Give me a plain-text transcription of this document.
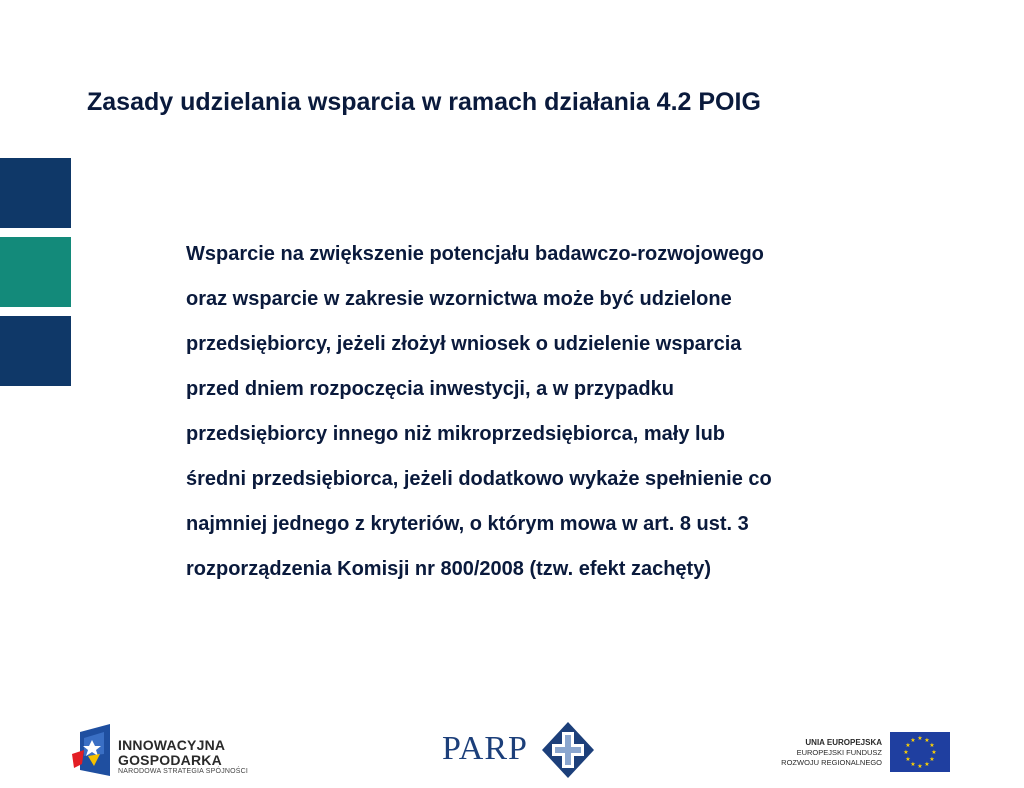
Zasady udzielania wsparcia w ramach działania 4.2 POIG
Wsparcie na zwiększenie potencjału badawczo-rozwojowego
oraz wsparcie w zakresie wzornictwa może być udzielone
przedsiębiorcy, jeżeli złożył wniosek o udzielenie wsparcia
przed dniem rozpoczęcia inwestycji, a w przypadku
przedsiębiorcy innego niż mikroprzedsiębiorca, mały lub
średni przedsiębiorca, jeżeli dodatkowo wykaże spełnienie co
najmniej jednego z kryteriów, o którym mowa w art. 8 ust. 3
rozporządzenia Komisji nr 800/2008 (tzw. efekt zachęty)
INNOWACYJNA
GOSPODARKA
NARODOWA STRATEGIA SPÓJNOŚCI
PARP	UNIA EUROPEJSKA
EUROPEJSKI FUNDUSZ
ROZWOJU REGIONALNEGO
★ ★
★
★
★
★
★
★
★
★
★
★
